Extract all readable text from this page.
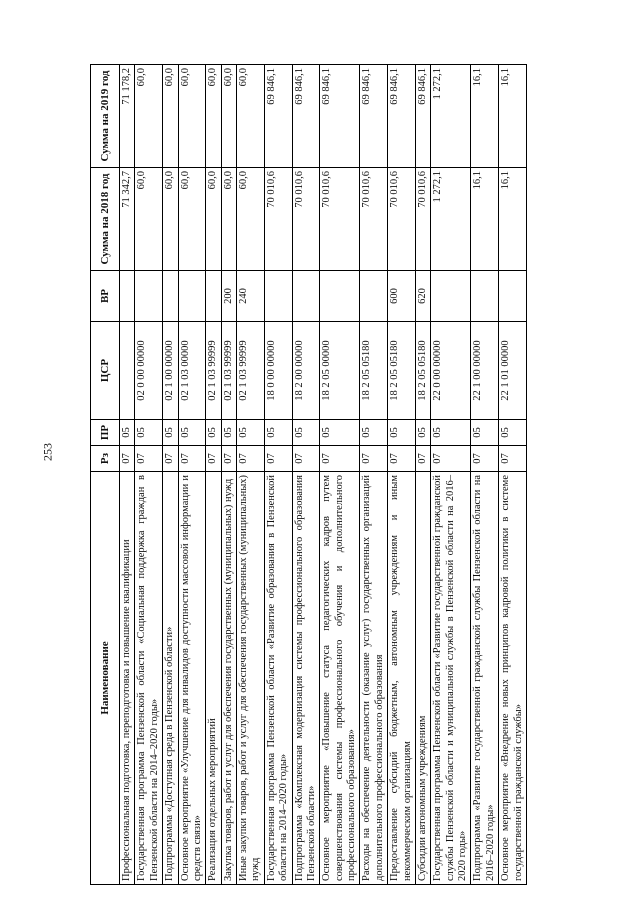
253
Наименование	Рз	ПР	ЦСР	ВР	Сумма на 2018 год	Сумма на 2019 год
Профессиональная подготовка, переподготовка и повышение квалификации	07	05			71 342,7	71 178,2
Государственная программа Пензенской области «Социальная поддержка граждан в Пензенской области на 2014–2020 годы»	07	05	02 0 00 00000		60,0	60,0
Подпрограмма «Доступная среда в Пензенской области»	07	05	02 1 00 00000		60,0	60,0
Основное мероприятие «Улучшение для инвалидов доступности массовой информации и средств связи»	07	05	02 1 03 00000		60,0	60,0
Реализация отдельных мероприятий	07	05	02 1 03 99999		60,0	60,0
Закупка товаров, работ и услуг для обеспечения государственных (муниципальных) нужд	07	05	02 1 03 99999	200	60,0	60,0
Иные закупки товаров, работ и услуг для обеспечения государственных (муниципальных) нужд	07	05	02 1 03 99999	240	60,0	60,0
Государственная программа Пензенской области «Развитие образования в Пензенской области на 2014–2020 годы»	07	05	18 0 00 00000		70 010,6	69 846,1
Подпрограмма «Комплексная модернизация системы профессионального образования Пензенской области»	07	05	18 2 00 00000		70 010,6	69 846,1
Основное мероприятие «Повышение статуса педагогических кадров путем совершенствования системы профессионального обучения и дополнительного профессионального образования»	07	05	18 2 05 00000		70 010,6	69 846,1
Расходы на обеспечение деятельности (оказание услуг) государственных организаций дополнительного профессионального образования	07	05	18 2 05 05180		70 010,6	69 846,1
Предоставление субсидий бюджетным, автономным учреждениям и иным некоммерческим организациям	07	05	18 2 05 05180	600	70 010,6	69 846,1
Субсидии автономным учреждениям	07	05	18 2 05 05180	620	70 010,6	69 846,1
Государственная программа Пензенской области «Развитие государственной гражданской службы Пензенской области и муниципальной службы в Пензенской области на 2016–2020 годы»	07	05	22 0 00 00000		1 272,1	1 272,1
Подпрограмма «Развитие государственной гражданской службы Пензенской области на 2016–2020 годы»	07	05	22 1 00 00000		16,1	16,1
Основное мероприятие «Внедрение новых принципов кадровой политики в системе государственной гражданской службы»	07	05	22 1 01 00000		16,1	16,1
